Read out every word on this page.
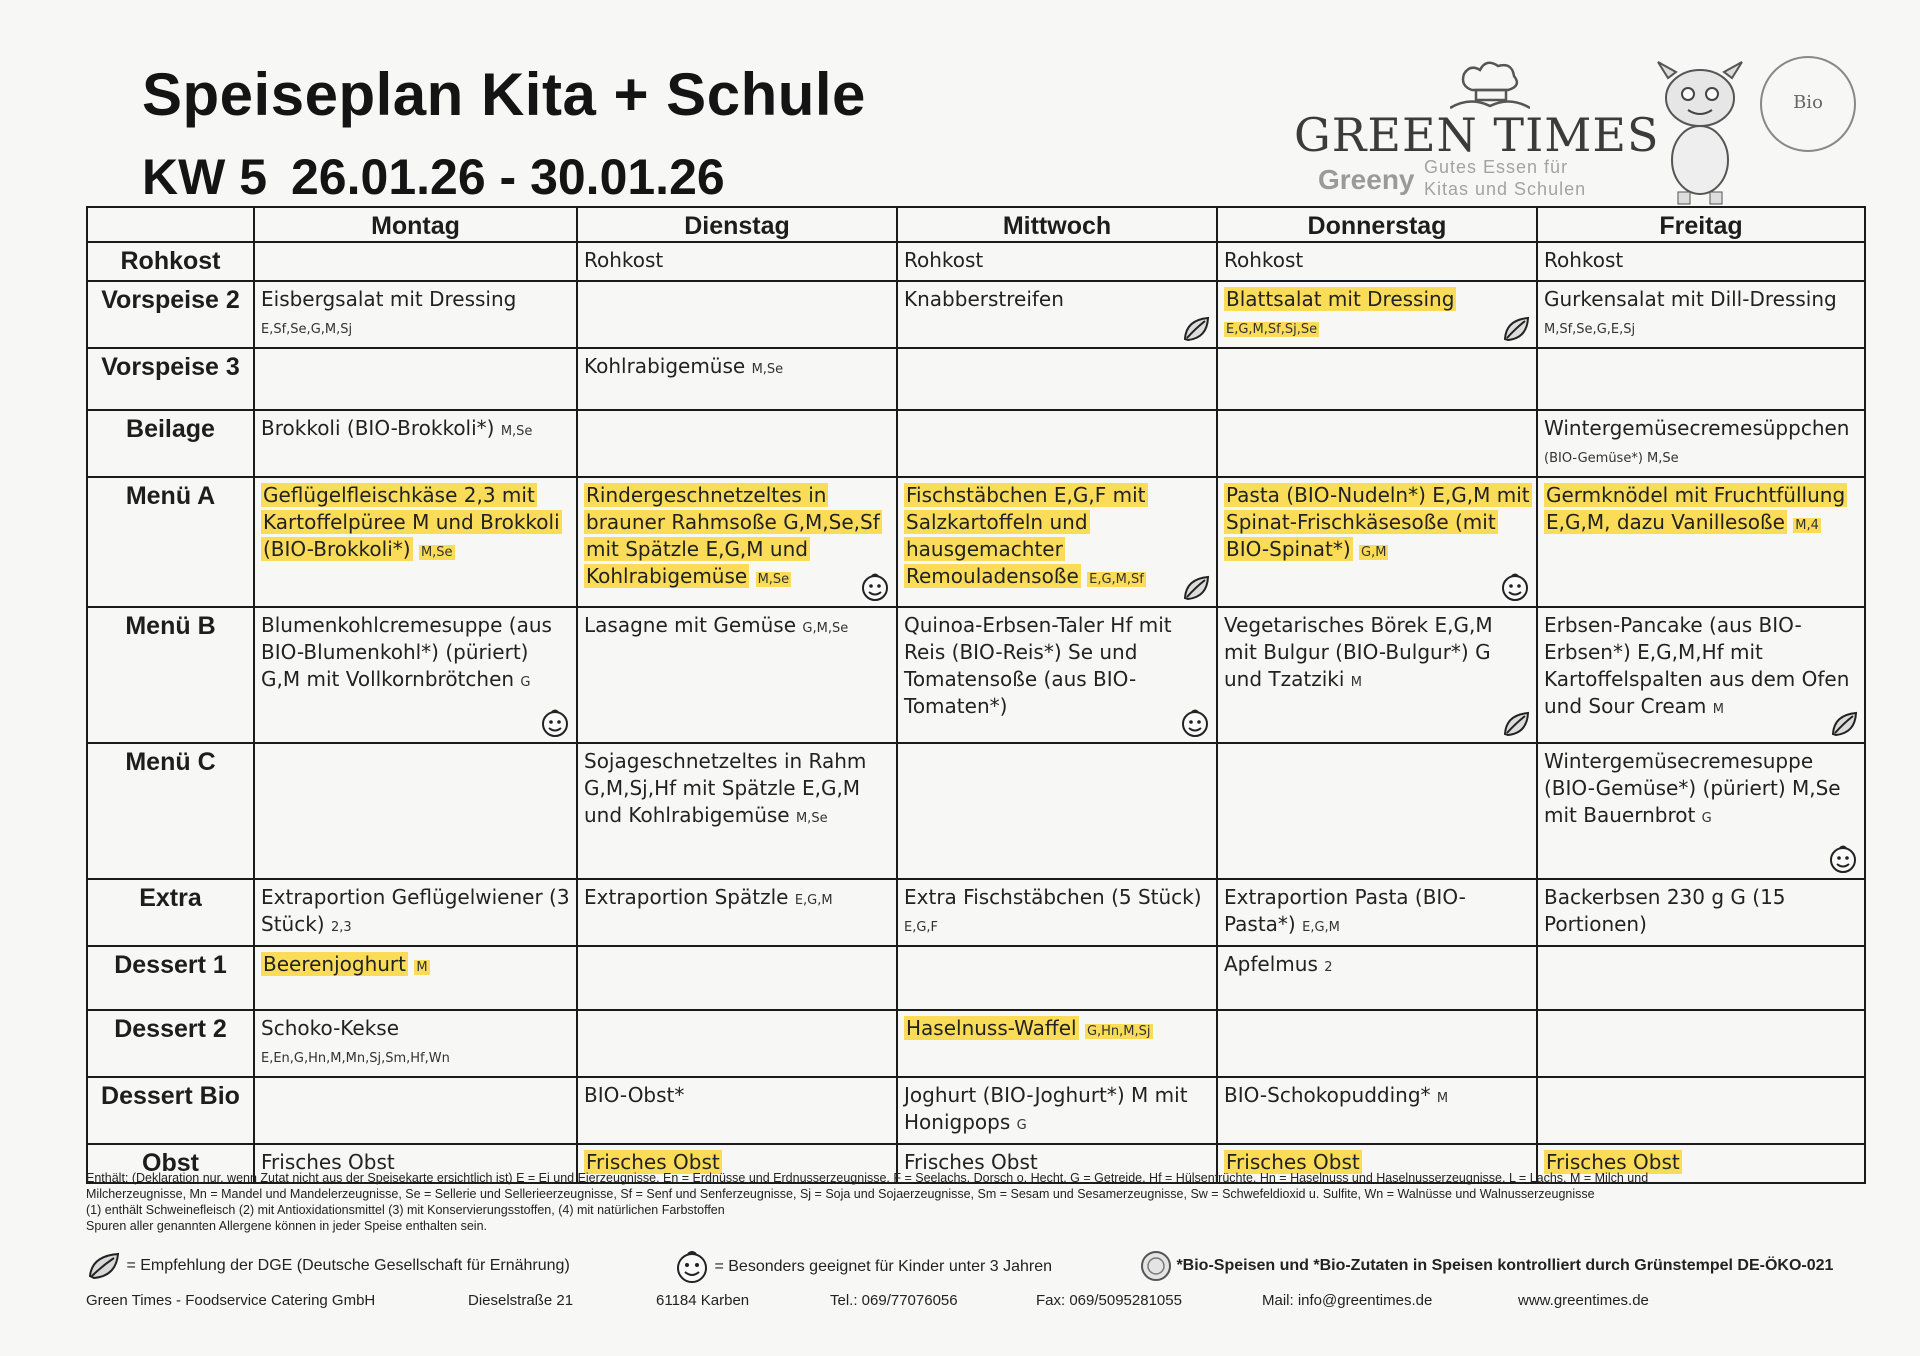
Speiseplan Kita + Schule
KW 5 26.01.26 - 30.01.26
GREEN TIMES
Greeny Gutes Essen für
Kitas und Schulen
Bio
	Montag	Dienstag	Mittwoch	Donnerstag	Freitag
Rohkost		Rohkost	Rohkost	Rohkost	Rohkost

Vorspeise 2	Eisbergsalat mit Dressing E,Sf,Se,G,M,Sj		Knabberstreifen	Blattsalat mit Dressing E,G,M,Sf,Sj,Se	Gurkensalat mit Dill-Dressing M,Sf,Se,G,E,Sj

Vorspeise 3		Kohlrabigemüse M,Se			

Beilage	Brokkoli (BIO-Brokkoli*) M,Se				Wintergemüsecremesüppchen (BIO-Gemüse*) M,Se

Menü A	Geflügelfleischkäse 2,3 mit Kartoffelpüree M und Brokkoli (BIO-Brokkoli*) M,Se	Rindergeschnetzeltes in brauner Rahmsoße G,M,Se,Sf mit Spätzle E,G,M und Kohlrabigemüse M,Se	Fischstäbchen E,G,F mit Salzkartoffeln und hausgemachter Remouladensoße E,G,M,Sf	Pasta (BIO-Nudeln*) E,G,M mit Spinat-Frischkäsesoße (mit BIO-Spinat*) G,M	Germknödel mit Fruchtfüllung E,G,M, dazu Vanillesoße M,4

Menü B	Blumenkohlcremesuppe (aus BIO-Blumenkohl*) (püriert) G,M mit Vollkornbrötchen G	Lasagne mit Gemüse G,M,Se	Quinoa-Erbsen-Taler Hf mit Reis (BIO-Reis*) Se und Tomatensoße (aus BIO-Tomaten*)	Vegetarisches Börek E,G,M mit Bulgur (BIO-Bulgur*) G und Tzatziki M	Erbsen-Pancake (aus BIO-Erbsen*) E,G,M,Hf mit Kartoffelspalten aus dem Ofen und Sour Cream M

Menü C		Sojageschnetzeltes in Rahm G,M,Sj,Hf mit Spätzle E,G,M und Kohlrabigemüse M,Se			Wintergemüsecremesuppe (BIO-Gemüse*) (püriert) M,Se mit Bauernbrot G

Extra	Extraportion Geflügelwiener (3 Stück) 2,3	Extraportion Spätzle E,G,M	Extra Fischstäbchen (5 Stück) E,G,F	Extraportion Pasta (BIO-Pasta*) E,G,M	Backerbsen 230 g G (15 Portionen)

Dessert 1	Beerenjoghurt M			Apfelmus 2	

Dessert 2	Schoko-Kekse E,En,G,Hn,M,Mn,Sj,Sm,Hf,Wn		Haselnuss-Waffel G,Hn,M,Sj		

Dessert Bio		BIO-Obst*	Joghurt (BIO-Joghurt*) M mit Honigpops G	BIO-Schokopudding* M	

Obst	Frisches Obst	Frisches Obst	Frisches Obst	Frisches Obst	Frisches Obst
Enthält: (Deklaration nur, wenn Zutat nicht aus der Speisekarte ersichtlich ist) E = Ei und Eierzeugnisse, En = Erdnüsse und Erdnusserzeugnisse, F = Seelachs, Dorsch o. Hecht, G = Getreide, Hf = Hülsenfrüchte, Hn = Haselnuss und Haselnusserzeugnisse, L = Lachs, M = Milch und
Milcherzeugnisse, Mn = Mandel und Mandelerzeugnisse, Se = Sellerie und Sellerieerzeugnisse, Sf = Senf und Senferzeugnisse, Sj = Soja und Sojaerzeugnisse, Sm = Sesam und Sesamerzeugnisse, Sw = Schwefeldioxid u. Sulfite, Wn = Walnüsse und Walnusserzeugnisse
(1) enthält Schweinefleisch (2) mit Antioxidationsmittel (3) mit Konservierungsstoffen, (4) mit natürlichen Farbstoffen
Spuren aller genannten Allergene können in jeder Speise enthalten sein.
= Empfehlung der DGE (Deutsche Gesellschaft für Ernährung)	= Besonders geeignet für Kinder unter 3 Jahren	*Bio-Speisen und *Bio-Zutaten in Speisen kontrolliert durch Grünstempel DE-ÖKO-021
Green Times - Foodservice Catering GmbH	Dieselstraße 21	61184 Karben	Tel.: 069/77076056	Fax: 069/5095281055	Mail: info@greentimes.de	www.greentimes.de
